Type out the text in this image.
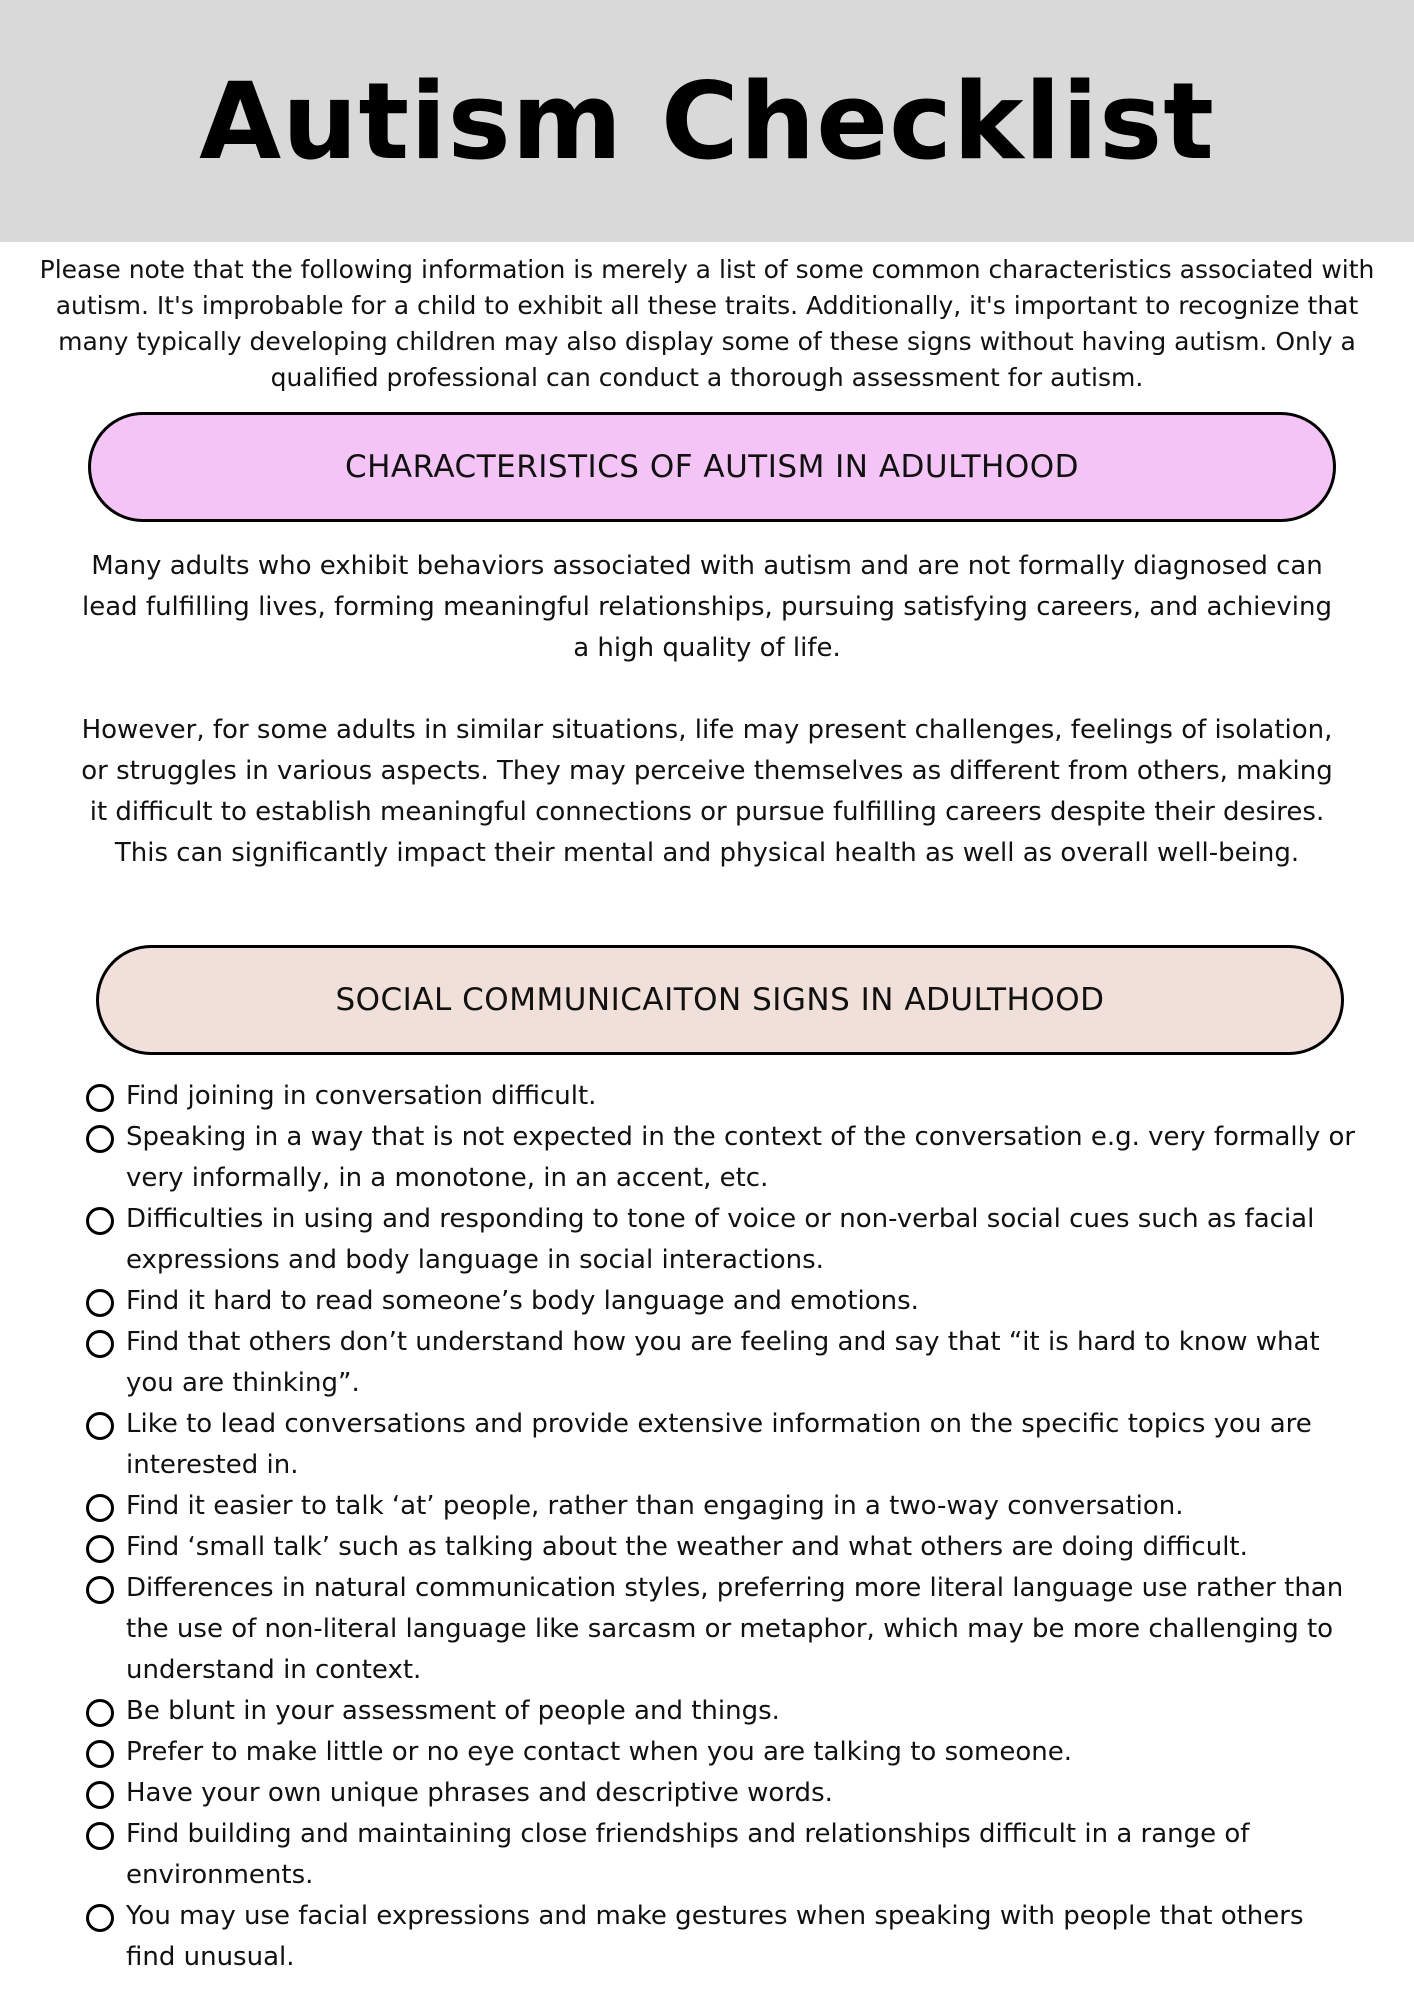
Autism Checklist

Please note that the following information is merely a list of some common characteristics associated with autism. It's improbable for a child to exhibit all these traits. Additionally, it's important to recognize that many typically developing children may also display some of these signs without having autism. Only a qualified professional can conduct a thorough assessment for autism.

CHARACTERISTICS OF AUTISM IN ADULTHOOD

Many adults who exhibit behaviors associated with autism and are not formally diagnosed can lead fulfilling lives, forming meaningful relationships, pursuing satisfying careers, and achieving a high quality of life.

However, for some adults in similar situations, life may present challenges, feelings of isolation, or struggles in various aspects. They may perceive themselves as different from others, making it difficult to establish meaningful connections or pursue fulfilling careers despite their desires. This can significantly impact their mental and physical health as well as overall well-being.

SOCIAL COMMUNICAITON SIGNS IN ADULTHOOD
Find joining in conversation difficult.
Speaking in a way that is not expected in the context of the conversation e.g. very formally or very informally, in a monotone, in an accent, etc.
Difficulties in using and responding to tone of voice or non-verbal social cues such as facial expressions and body language in social interactions.
Find it hard to read someone’s body language and emotions.
Find that others don’t understand how you are feeling and say that “it is hard to know what you are thinking”.
Like to lead conversations and provide extensive information on the specific topics you are interested in.
Find it easier to talk ‘at’ people, rather than engaging in a two-way conversation.
Find ‘small talk’ such as talking about the weather and what others are doing difficult.
Differences in natural communication styles, preferring more literal language use rather than the use of non-literal language like sarcasm or metaphor, which may be more challenging to understand in context.
Be blunt in your assessment of people and things.
Prefer to make little or no eye contact when you are talking to someone.
Have your own unique phrases and descriptive words.
Find building and maintaining close friendships and relationships difficult in a range of environments.
You may use facial expressions and make gestures when speaking with people that others find unusual.
